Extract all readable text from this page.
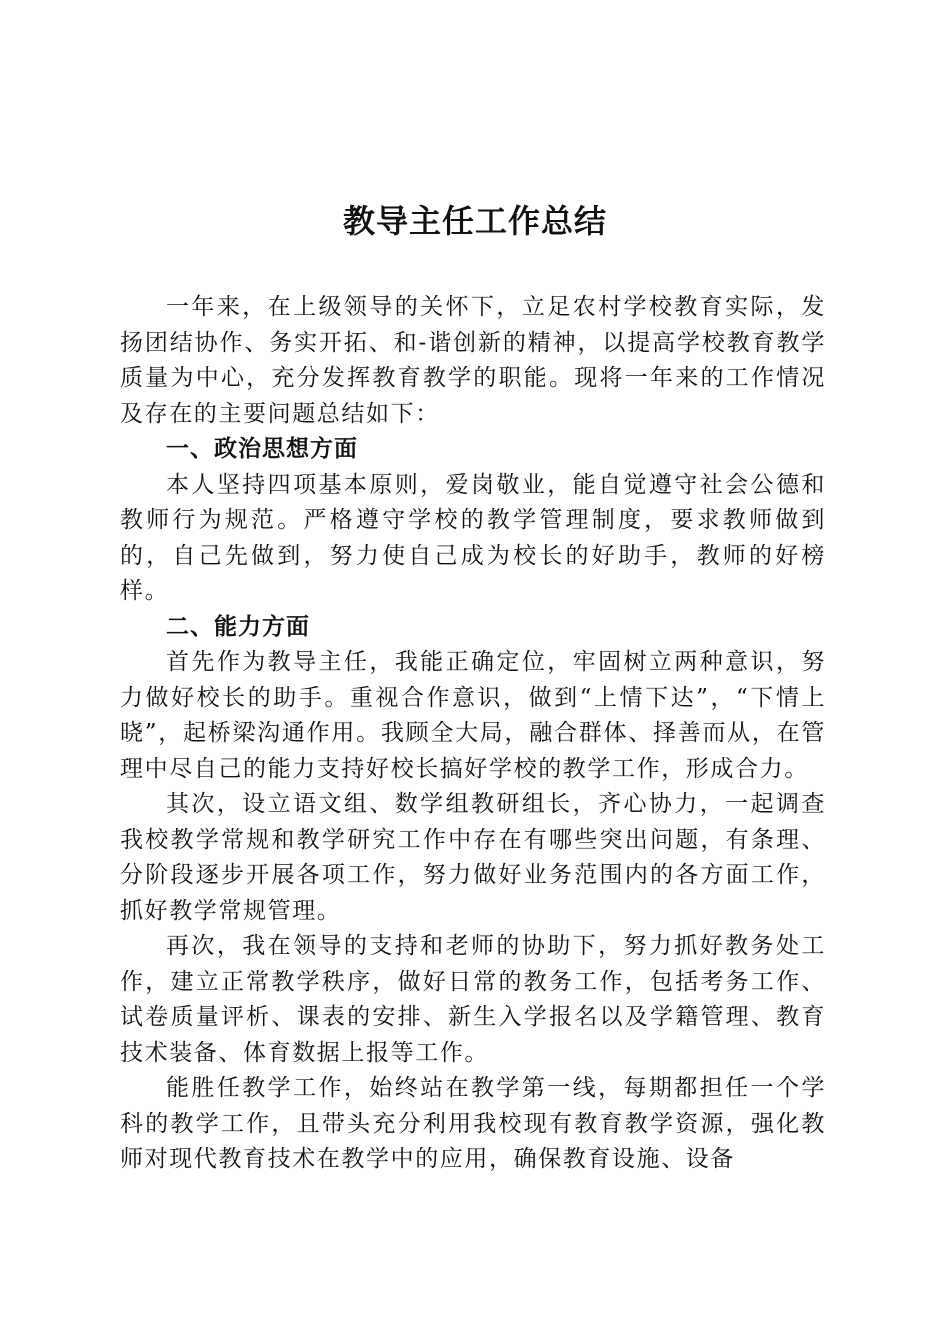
教导主任工作总结

一年来，在上级领导的关怀下，立足农村学校教育实际，发扬团结协作、务实开拓、和-谐创新的精神，以提高学校教育教学质量为中心，充分发挥教育教学的职能。现将一年来的工作情况及存在的主要问题总结如下：

一、政治思想方面

本人坚持四项基本原则，爱岗敬业，能自觉遵守社会公德和教师行为规范。严格遵守学校的教学管理制度，要求教师做到的，自己先做到，努力使自己成为校长的好助手，教师的好榜样。

二、能力方面

首先作为教导主任，我能正确定位，牢固树立两种意识，努力做好校长的助手。重视合作意识，做到“上情下达”，“下情上晓”，起桥梁沟通作用。我顾全大局，融合群体、择善而从，在管理中尽自己的能力支持好校长搞好学校的教学工作，形成合力。

其次，设立语文组、数学组教研组长，齐心协力，一起调查我校教学常规和教学研究工作中存在有哪些突出问题，有条理、分阶段逐步开展各项工作，努力做好业务范围内的各方面工作，抓好教学常规管理。

再次，我在领导的支持和老师的协助下，努力抓好教务处工作，建立正常教学秩序，做好日常的教务工作，包括考务工作、试卷质量评析、课表的安排、新生入学报名以及学籍管理、教育技术装备、体育数据上报等工作。

能胜任教学工作，始终站在教学第一线，每期都担任一个学科的教学工作，且带头充分利用我校现有教育教学资源，强化教师对现代教育技术在教学中的应用，确保教育设施、设备
